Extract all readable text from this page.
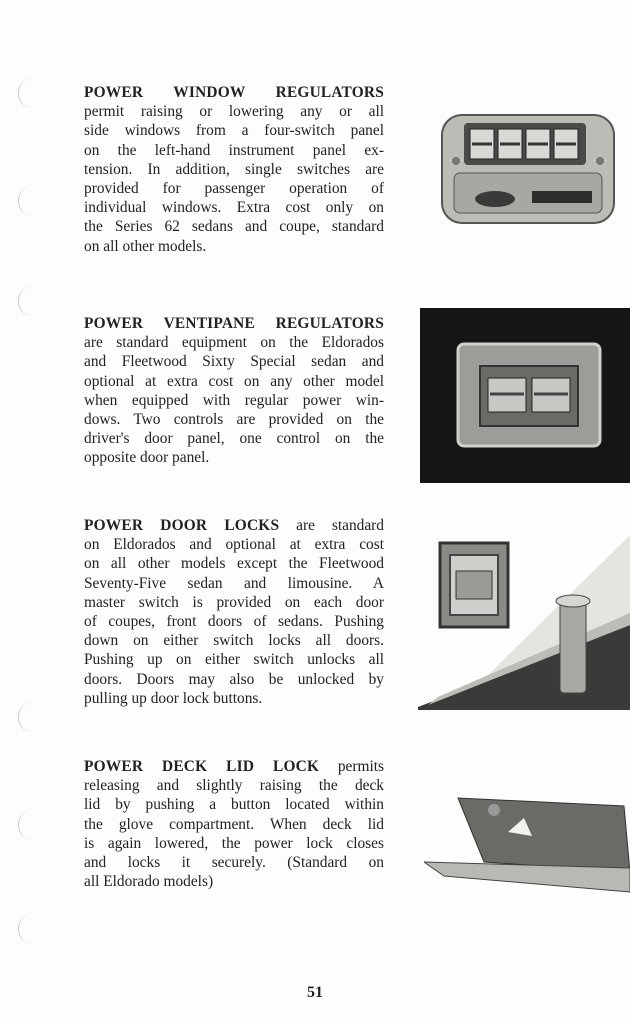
POWER WINDOW REGULATORS
permit raising or lowering any or all
side windows from a four-switch panel
on the left-hand instrument panel ex-
tension. In addition, single switches are
provided for passenger operation of
individual windows. Extra cost only on
the Series 62 sedans and coupe, standard
on all other models.
POWER VENTIPANE REGULATORS
are standard equipment on the Eldorados
and Fleetwood Sixty Special sedan and
optional at extra cost on any other model
when equipped with regular power win-
dows. Two controls are provided on the
driver's door panel, one control on the
opposite door panel.
POWER DOOR LOCKS are standard
on Eldorados and optional at extra cost
on all other models except the Fleetwood
Seventy-Five sedan and limousine. A
master switch is provided on each door
of coupes, front doors of sedans. Pushing
down on either switch locks all doors.
Pushing up on either switch unlocks all
doors. Doors may also be unlocked by
pulling up door lock buttons.
POWER DECK LID LOCK permits
releasing and slightly raising the deck
lid by pushing a button located within
the glove compartment. When deck lid
is again lowered, the power lock closes
and locks it securely. (Standard on
all Eldorado models)
51
